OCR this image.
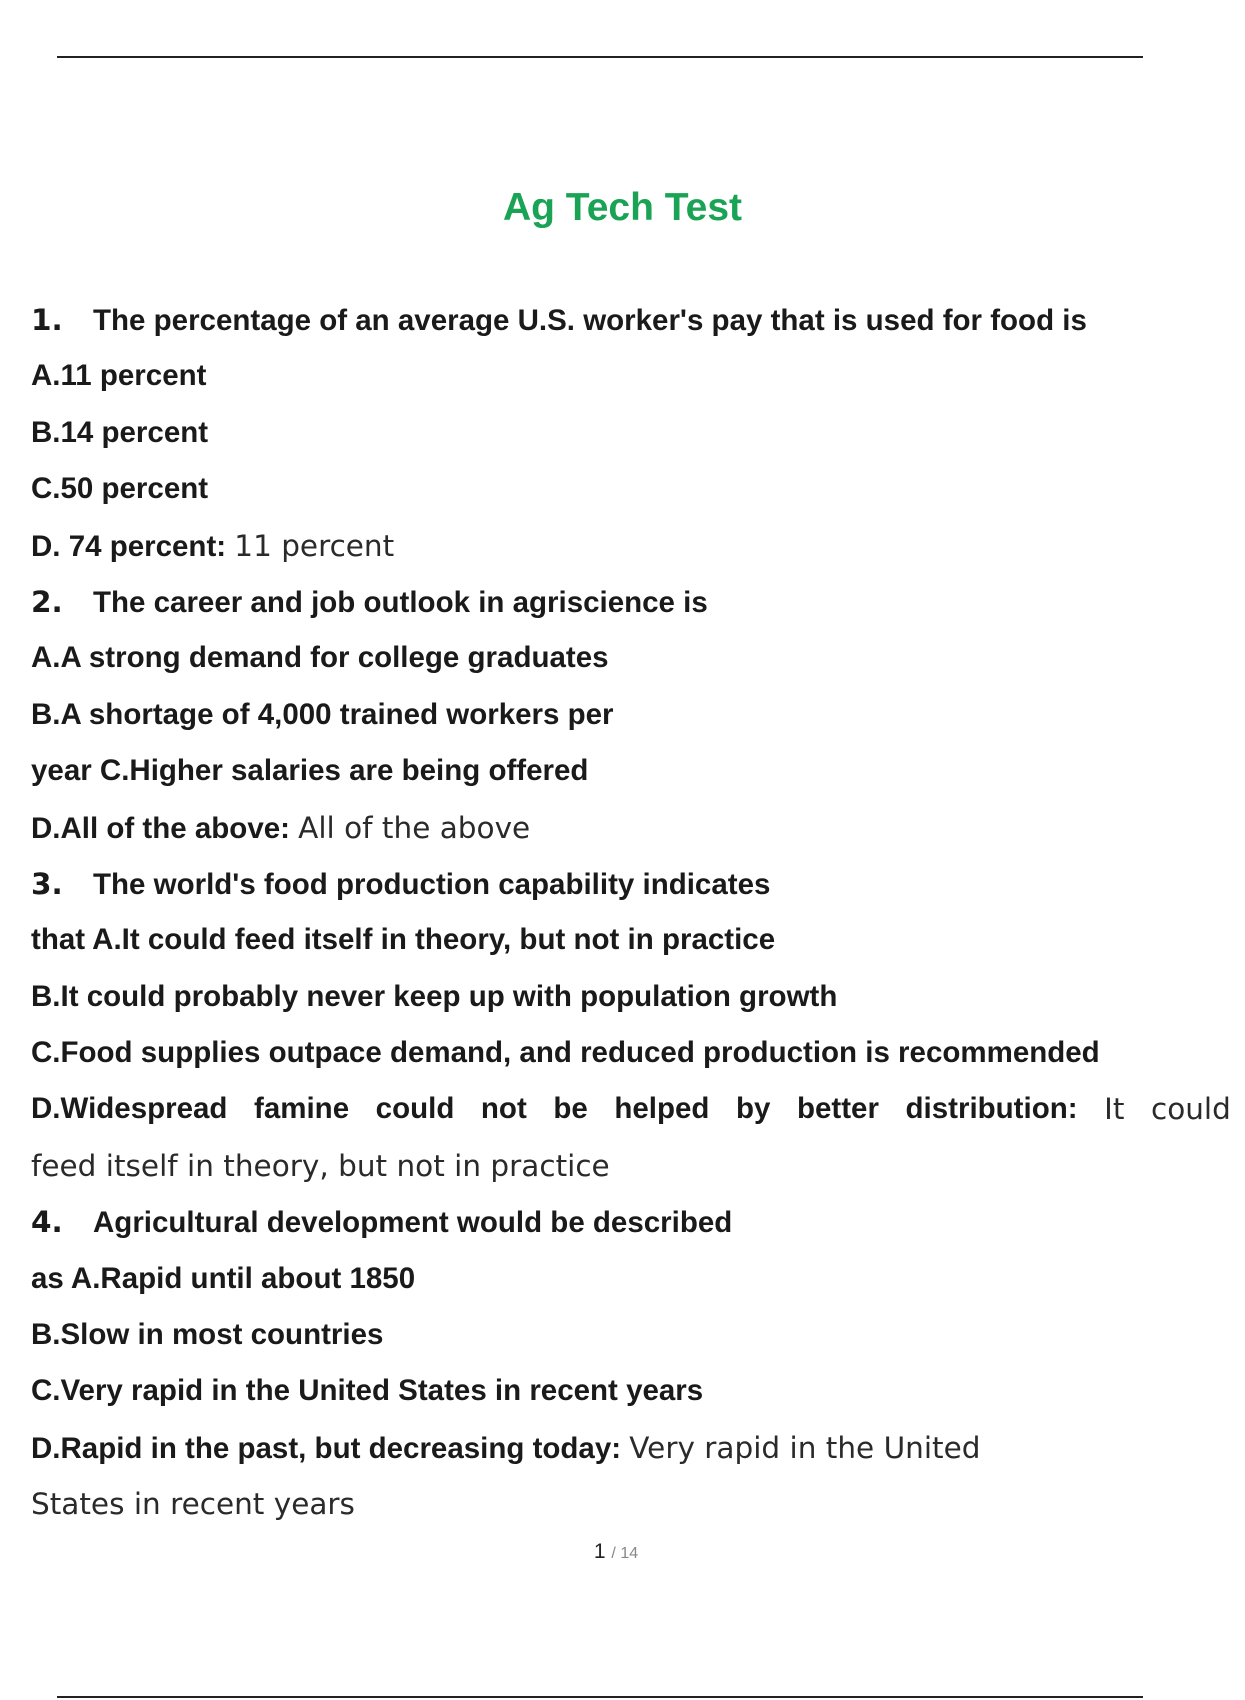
Ag Tech Test
1. The percentage of an average U.S. worker's pay that is used for food is
A.11 percent
B.14 percent
C.50 percent
D. 74 percent: 11 percent
2. The career and job outlook in agriscience is
A.A strong demand for college graduates
B.A shortage of 4,000 trained workers per
year C.Higher salaries are being offered
D.All of the above: All of the above
3. The world's food production capability indicates
that A.It could feed itself in theory, but not in practice
B.It could probably never keep up with population growth
C.Food supplies outpace demand, and reduced production is recommended
D.Widespread famine could not be helped by better distribution: It could
feed itself in theory, but not in practice
4. Agricultural development would be described
as A.Rapid until about 1850
B.Slow in most countries
C.Very rapid in the United States in recent years
D.Rapid in the past, but decreasing today: Very rapid in the United
States in recent years
1 / 14
